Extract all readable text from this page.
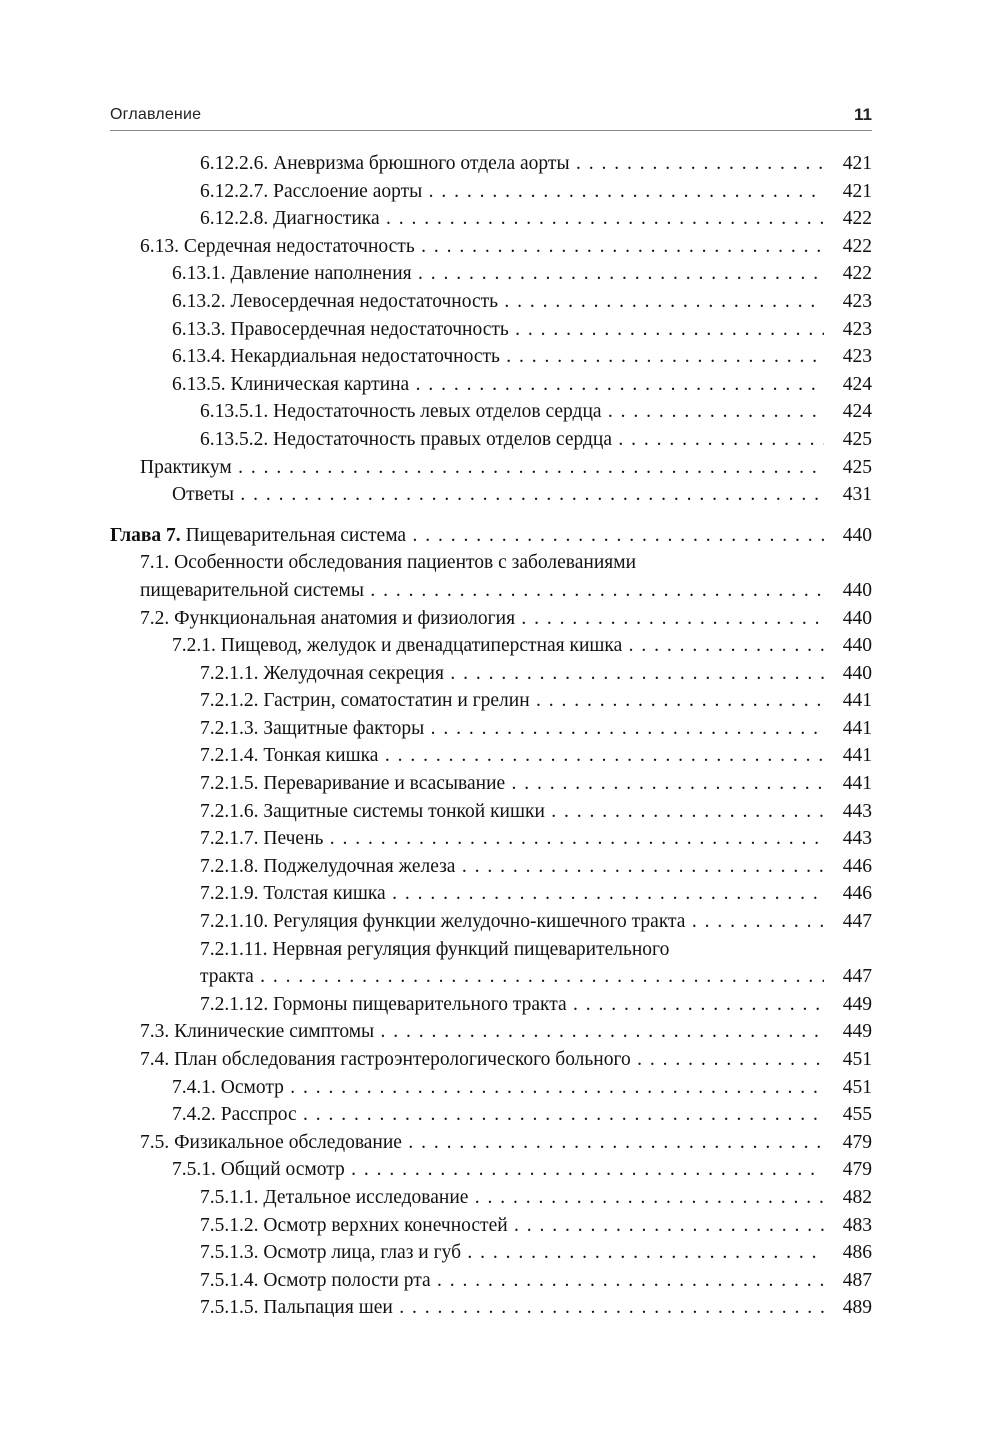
Оглавление	11
6.12.2.6. Аневризма брюшного отдела аорты . . .	421
6.12.2.7. Расслоение аорты . . .	421
6.12.2.8. Диагностика . . .	422
6.13. Сердечная недостаточность . . .	422
6.13.1. Давление наполнения . . .	422
6.13.2. Левосердечная недостаточность . . .	423
6.13.3. Правосердечная недостаточность . . .	423
6.13.4. Некардиальная недостаточность . . .	423
6.13.5. Клиническая картина . . .	424
6.13.5.1. Недостаточность левых отделов сердца . . .	424
6.13.5.2. Недостаточность правых отделов сердца . . .	425
Практикум . . .	425
Ответы . . .	431
Глава 7. Пищеварительная система . . .	440
7.1. Особенности обследования пациентов с заболеваниями
пищеварительной системы . . .	440
7.2. Функциональная анатомия и физиология . . .	440
7.2.1. Пищевод, желудок и двенадцатиперстная кишка . . .	440
7.2.1.1. Желудочная секреция . . .	440
7.2.1.2. Гастрин, соматостатин и грелин . . .	441
7.2.1.3. Защитные факторы . . .	441
7.2.1.4. Тонкая кишка . . .	441
7.2.1.5. Переваривание и всасывание . . .	441
7.2.1.6. Защитные системы тонкой кишки . . .	443
7.2.1.7. Печень . . .	443
7.2.1.8. Поджелудочная железа . . .	446
7.2.1.9. Толстая кишка . . .	446
7.2.1.10. Регуляция функции желудочно-кишечного тракта . . .	447
7.2.1.11. Нервная регуляция функций пищеварительного
тракта . . .	447
7.2.1.12. Гормоны пищеварительного тракта . . .	449
7.3. Клинические симптомы . . .	449
7.4. План обследования гастроэнтерологического больного . . .	451
7.4.1. Осмотр . . .	451
7.4.2. Расспрос . . .	455
7.5. Физикальное обследование . . .	479
7.5.1. Общий осмотр . . .	479
7.5.1.1. Детальное исследование . . .	482
7.5.1.2. Осмотр верхних конечностей . . .	483
7.5.1.3. Осмотр лица, глаз и губ . . .	486
7.5.1.4. Осмотр полости рта . . .	487
7.5.1.5. Пальпация шеи . . .	489
